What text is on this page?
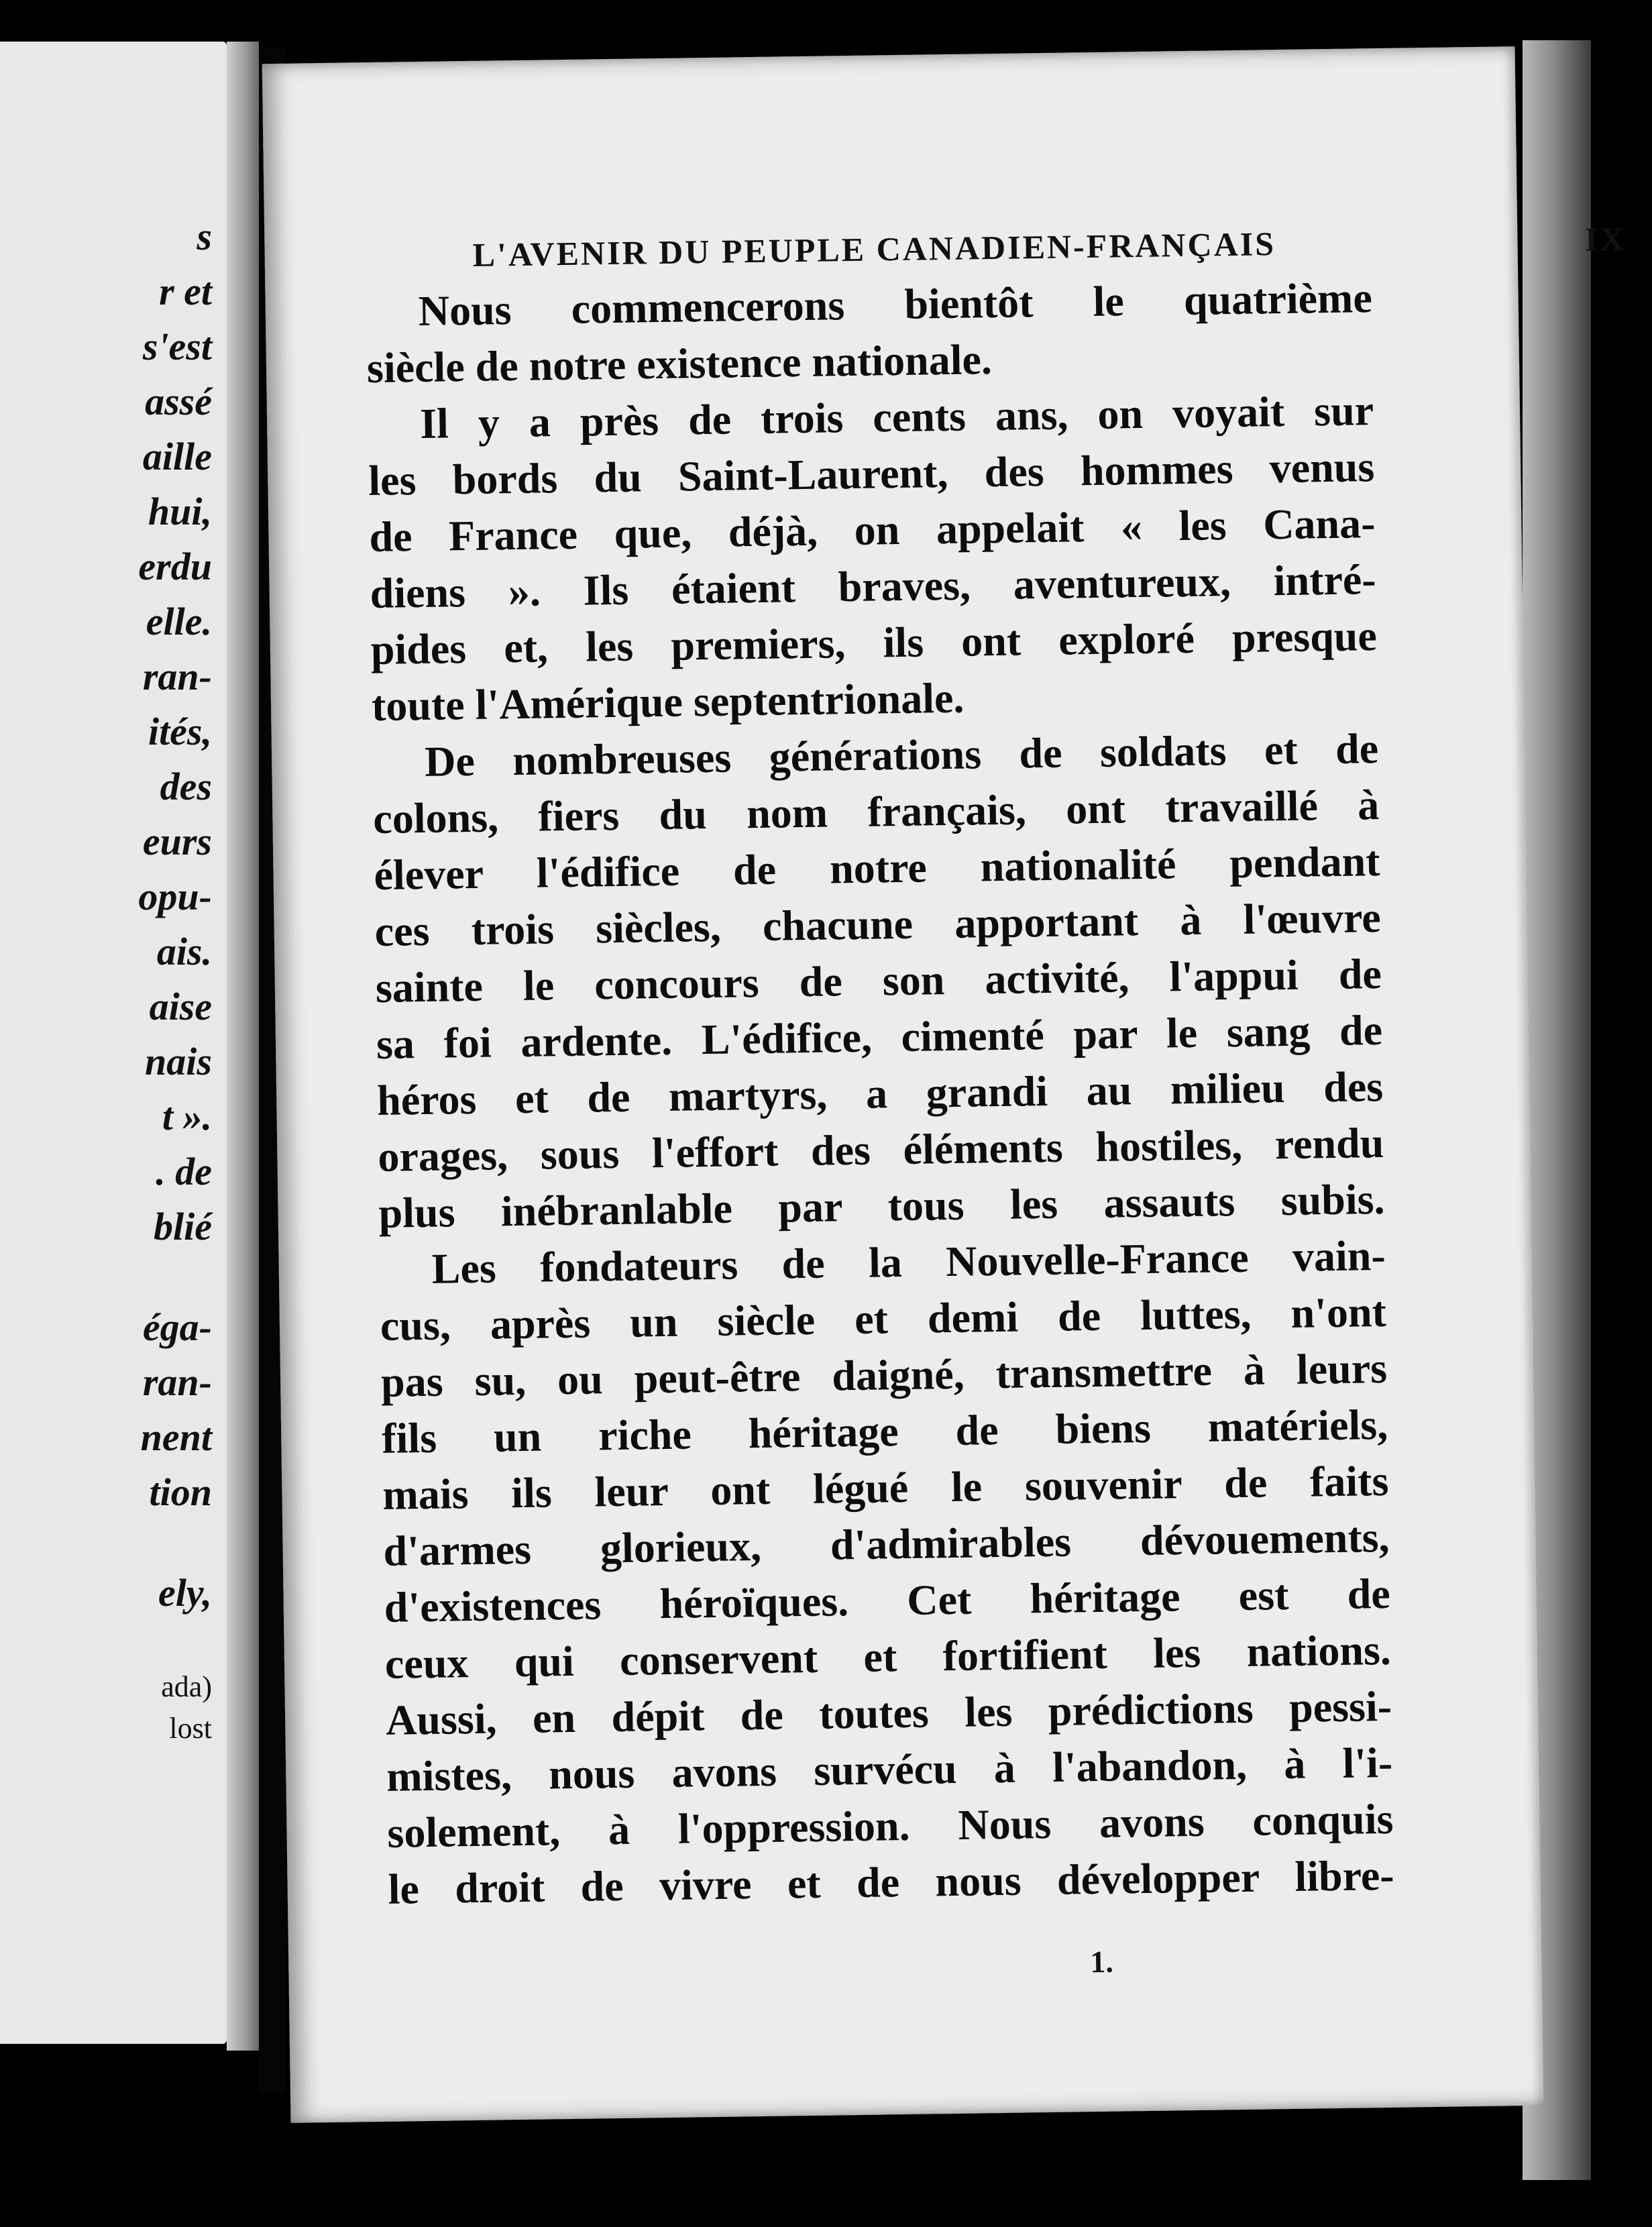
s
r et
s'est
assé
aille
hui,
erdu
elle.
ran-
ités,
des
eurs
opu-
ais.
aise
nais
t ».
. de
blié
éga-
ran-
nent
tion
ely,
ada)
lost
L'AVENIR DU PEUPLE CANADIEN-FRANÇAIS	IX
Nous commencerons bientôt le quatrième
siècle de notre existence nationale.
Il y a près de trois cents ans, on voyait sur
les bords du Saint-Laurent, des hommes venus
de France que, déjà, on appelait « les Cana-
diens ». Ils étaient braves, aventureux, intré-
pides et, les premiers, ils ont exploré presque
toute l'Amérique septentrionale.
De nombreuses générations de soldats et de
colons, fiers du nom français, ont travaillé à
élever l'édifice de notre nationalité pendant
ces trois siècles, chacune apportant à l'œuvre
sainte le concours de son activité, l'appui de
sa foi ardente. L'édifice, cimenté par le sang de
héros et de martyrs, a grandi au milieu des
orages, sous l'effort des éléments hostiles, rendu
plus inébranlable par tous les assauts subis.
Les fondateurs de la Nouvelle-France vain-
cus, après un siècle et demi de luttes, n'ont
pas su, ou peut-être daigné, transmettre à leurs
fils un riche héritage de biens matériels,
mais ils leur ont légué le souvenir de faits
d'armes glorieux, d'admirables dévouements,
d'existences héroïques. Cet héritage est de
ceux qui conservent et fortifient les nations.
Aussi, en dépit de toutes les prédictions pessi-
mistes, nous avons survécu à l'abandon, à l'i-
solement, à l'oppression. Nous avons conquis
le droit de vivre et de nous développer libre-
1.
